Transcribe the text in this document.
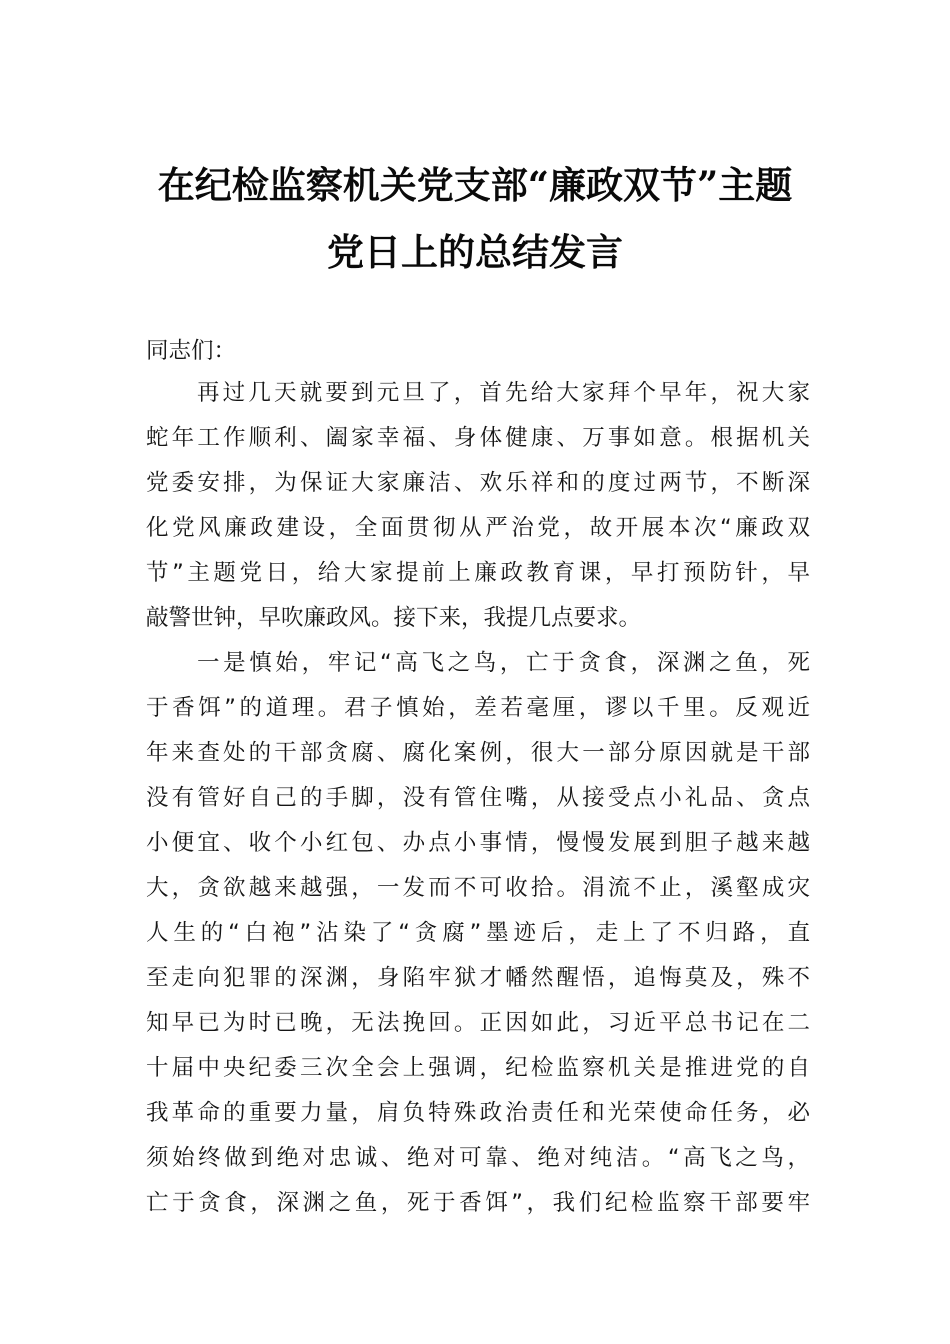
在纪检监察机关党支部“廉政双节”主题
党日上的总结发言
同志们：
再过几天就要到元旦了，首先给大家拜个早年，祝大家
蛇年工作顺利、阖家幸福、身体健康、万事如意。根据机关
党委安排，为保证大家廉洁、欢乐祥和的度过两节，不断深
化党风廉政建设，全面贯彻从严治党，故开展本次“廉政双
节”主题党日，给大家提前上廉政教育课，早打预防针，早
敲警世钟，早吹廉政风。接下来，我提几点要求。
一是慎始，牢记“高飞之鸟，亡于贪食，深渊之鱼，死
于香饵”的道理。君子慎始，差若毫厘，谬以千里。反观近
年来查处的干部贪腐、腐化案例，很大一部分原因就是干部
没有管好自己的手脚，没有管住嘴，从接受点小礼品、贪点
小便宜、收个小红包、办点小事情，慢慢发展到胆子越来越
大，贪欲越来越强，一发而不可收拾。涓流不止，溪壑成灾
人生的“白袍”沾染了“贪腐”墨迹后，走上了不归路，直
至走向犯罪的深渊，身陷牢狱才幡然醒悟，追悔莫及，殊不
知早已为时已晚，无法挽回。正因如此，习近平总书记在二
十届中央纪委三次全会上强调，纪检监察机关是推进党的自
我革命的重要力量，肩负特殊政治责任和光荣使命任务，必
须始终做到绝对忠诚、绝对可靠、绝对纯洁。“高飞之鸟，
亡于贪食，深渊之鱼，死于香饵”，我们纪检监察干部要牢
